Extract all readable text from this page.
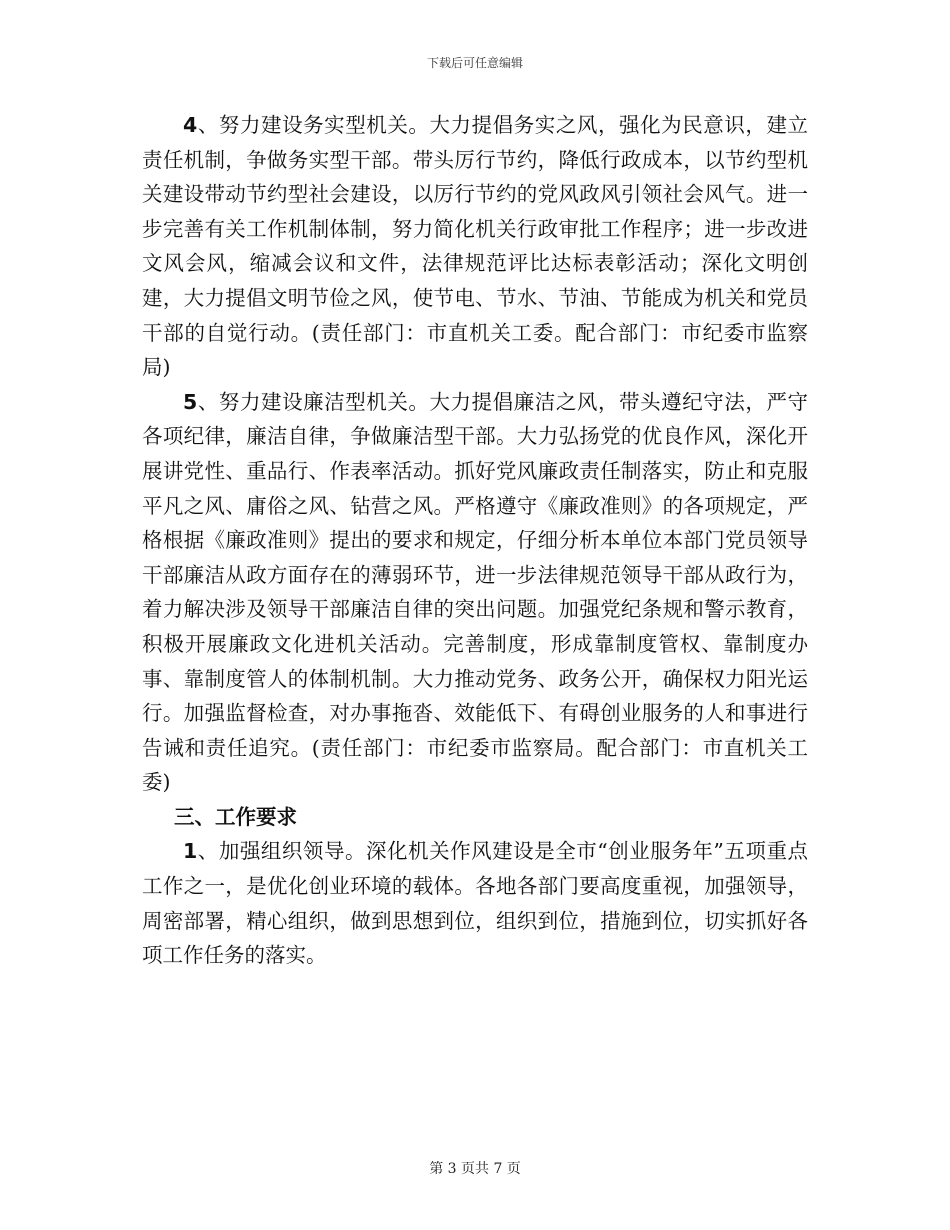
下载后可任意编辑

4、努力建设务实型机关。大力提倡务实之风，强化为民意识，建立责任机制，争做务实型干部。带头厉行节约，降低行政成本，以节约型机关建设带动节约型社会建设，以厉行节约的党风政风引领社会风气。进一步完善有关工作机制体制，努力简化机关行政审批工作程序；进一步改进文风会风，缩减会议和文件，法律规范评比达标表彰活动；深化文明创建，大力提倡文明节俭之风，使节电、节水、节油、节能成为机关和党员干部的自觉行动。(责任部门：市直机关工委。配合部门：市纪委市监察局)

5、努力建设廉洁型机关。大力提倡廉洁之风，带头遵纪守法，严守各项纪律，廉洁自律，争做廉洁型干部。大力弘扬党的优良作风，深化开展讲党性、重品行、作表率活动。抓好党风廉政责任制落实，防止和克服平凡之风、庸俗之风、钻营之风。严格遵守《廉政准则》的各项规定，严格根据《廉政准则》提出的要求和规定，仔细分析本单位本部门党员领导干部廉洁从政方面存在的薄弱环节，进一步法律规范领导干部从政行为，着力解决涉及领导干部廉洁自律的突出问题。加强党纪条规和警示教育，积极开展廉政文化进机关活动。完善制度，形成靠制度管权、靠制度办事、靠制度管人的体制机制。大力推动党务、政务公开，确保权力阳光运行。加强监督检查，对办事拖沓、效能低下、有碍创业服务的人和事进行告诫和责任追究。(责任部门：市纪委市监察局。配合部门：市直机关工委)

三、工作要求

1、加强组织领导。深化机关作风建设是全市“创业服务年”五项重点工作之一，是优化创业环境的载体。各地各部门要高度重视，加强领导，周密部署，精心组织，做到思想到位，组织到位，措施到位，切实抓好各项工作任务的落实。

第 3 页共 7 页
